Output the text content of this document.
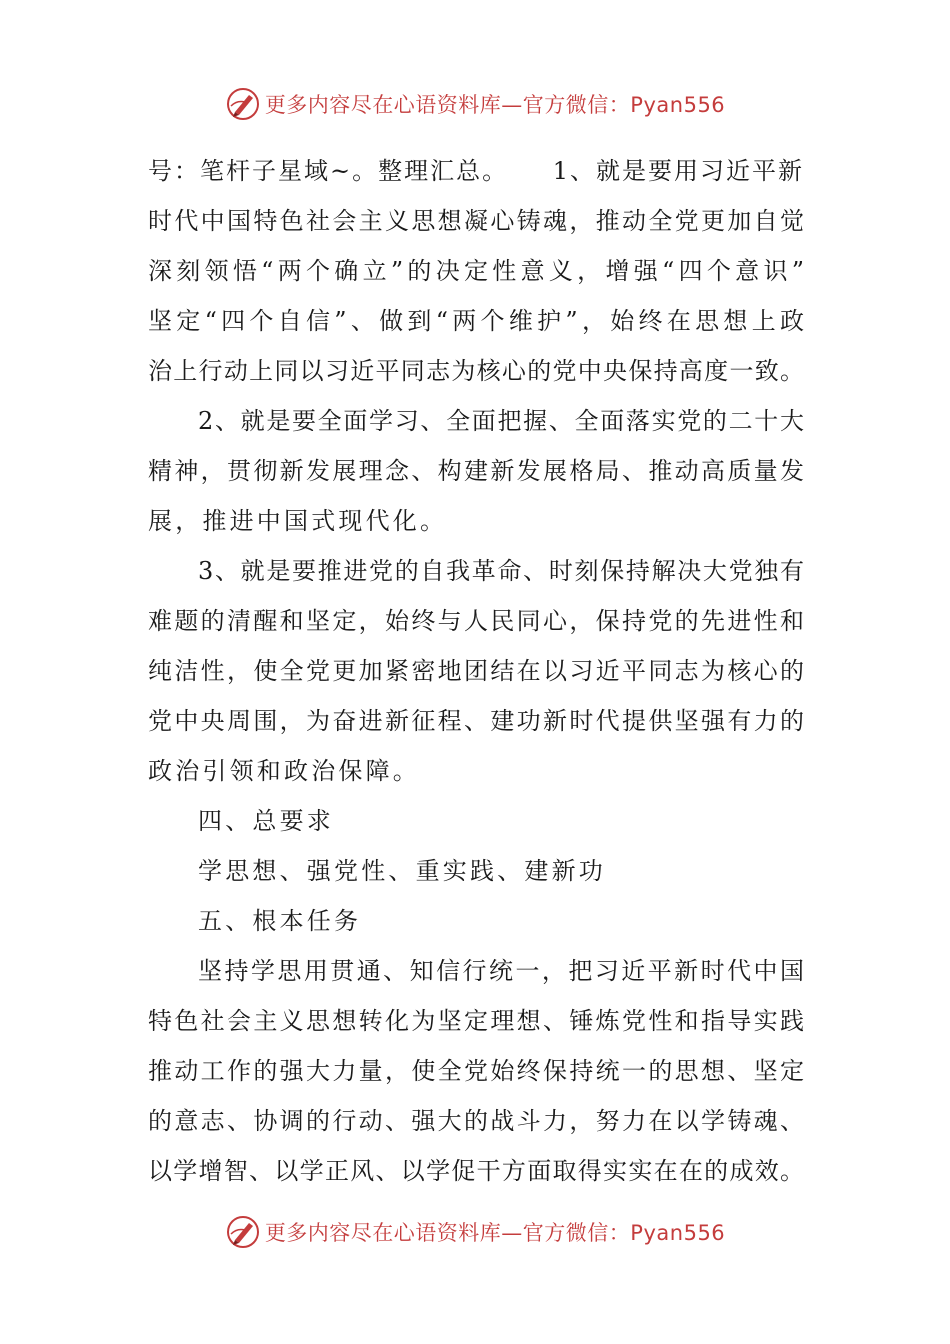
更多内容尽在心语资料库—官方微信：Pyan556
号：笔杆子星域~。整理汇总。 1、就是要用习近平新
时代中国特色社会主义思想凝心铸魂，推动全党更加自觉
深刻领悟“两个确立”的决定性意义，增强“四个意识”
坚定“四个自信”、做到“两个维护”，始终在思想上政
治上行动上同以习近平同志为核心的党中央保持高度一致。
2、就是要全面学习、全面把握、全面落实党的二十大
精神，贯彻新发展理念、构建新发展格局、推动高质量发
展，推进中国式现代化。
3、就是要推进党的自我革命、时刻保持解决大党独有
难题的清醒和坚定，始终与人民同心，保持党的先进性和
纯洁性，使全党更加紧密地团结在以习近平同志为核心的
党中央周围，为奋进新征程、建功新时代提供坚强有力的
政治引领和政治保障。
四、总要求
学思想、强党性、重实践、建新功
五、根本任务
坚持学思用贯通、知信行统一，把习近平新时代中国
特色社会主义思想转化为坚定理想、锤炼党性和指导实践
推动工作的强大力量，使全党始终保持统一的思想、坚定
的意志、协调的行动、强大的战斗力，努力在以学铸魂、
以学增智、以学正风、以学促干方面取得实实在在的成效。
更多内容尽在心语资料库—官方微信：Pyan556
